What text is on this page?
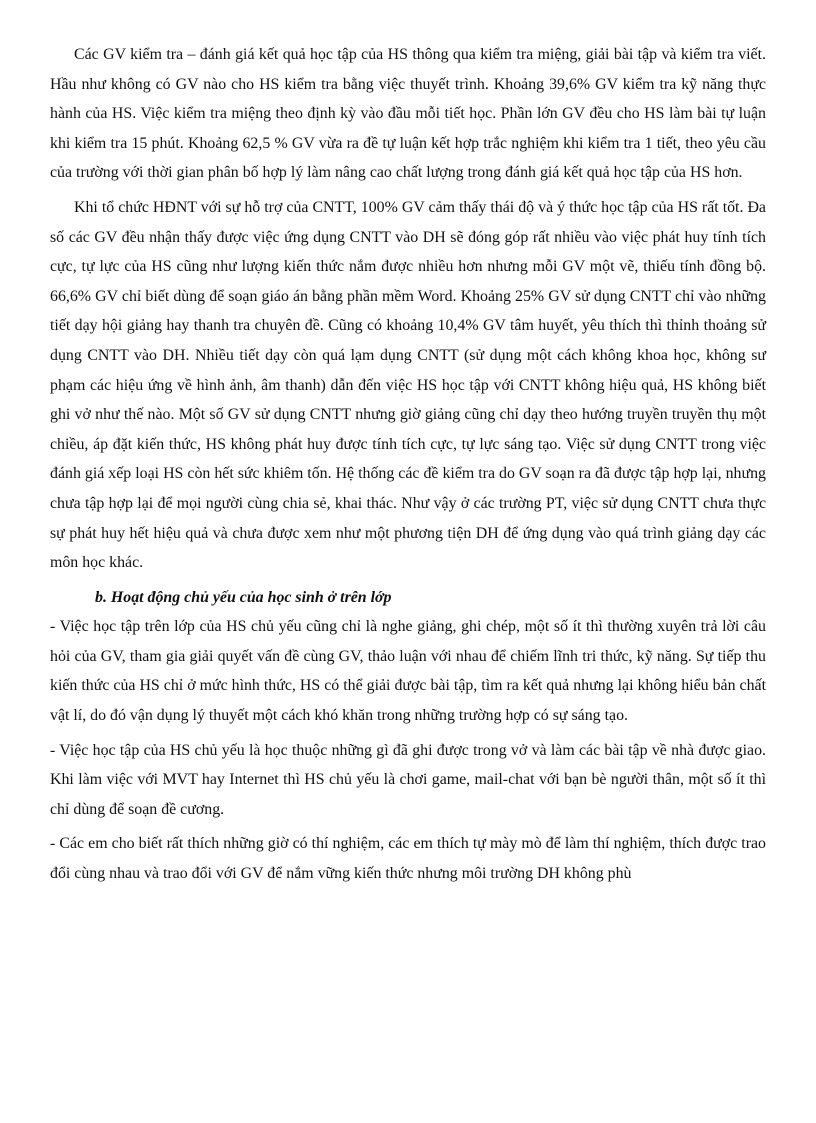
Các GV kiểm tra – đánh giá kết quả học tập của HS thông qua kiểm tra miệng, giải bài tập và kiểm tra viết. Hầu như không có GV nào cho HS kiểm tra bằng việc thuyết trình. Khoảng 39,6% GV kiểm tra kỹ năng thực hành của HS. Việc kiểm tra miệng theo định kỳ vào đầu mỗi tiết học. Phần lớn GV đều cho HS làm bài tự luận khi kiểm tra 15 phút. Khoảng 62,5 % GV vừa ra đề tự luận kết hợp trắc nghiệm khi kiểm tra 1 tiết, theo yêu cầu của trường với thời gian phân bố hợp lý làm nâng cao chất lượng trong đánh giá kết quả học tập của HS hơn.

Khi tổ chức HĐNT với sự hỗ trợ của CNTT, 100% GV cảm thấy thái độ và ý thức học tập của HS rất tốt. Đa số các GV đều nhận thấy được việc ứng dụng CNTT vào DH sẽ đóng góp rất nhiều vào việc phát huy tính tích cực, tự lực của HS cũng như lượng kiến thức nắm được nhiều hơn nhưng mỗi GV một vẽ, thiếu tính đồng bộ. 66,6% GV chỉ biết dùng để soạn giáo án bằng phần mềm Word. Khoảng 25% GV sử dụng CNTT chỉ vào những tiết dạy hội giảng hay thanh tra chuyên đề. Cũng có khoảng 10,4% GV tâm huyết, yêu thích thì thỉnh thoảng sử dụng CNTT vào DH. Nhiều tiết dạy còn quá lạm dụng CNTT (sử dụng một cách không khoa học, không sư phạm các hiệu ứng về hình ảnh, âm thanh) dẫn đến việc HS học tập với CNTT không hiệu quả, HS không biết ghi vở như thế nào. Một số GV sử dụng CNTT nhưng giờ giảng cũng chỉ dạy theo hướng truyền truyền thụ một chiều, áp đặt kiến thức, HS không phát huy được tính tích cực, tự lực sáng tạo. Việc sử dụng CNTT trong việc đánh giá xếp loại HS còn hết sức khiêm tốn. Hệ thống các đề kiểm tra do GV soạn ra đã được tập hợp lại, nhưng chưa tập hợp lại để mọi người cùng chia sẻ, khai thác. Như vậy ở các trường PT, việc sử dụng CNTT chưa thực sự phát huy hết hiệu quả và chưa được xem như một phương tiện DH để ứng dụng vào quá trình giảng dạy các môn học khác.

b. Hoạt động chủ yếu của học sinh ở trên lớp

- Việc học tập trên lớp của HS chủ yếu cũng chỉ là nghe giảng, ghi chép, một số ít thì thường xuyên trả lời câu hỏi của GV, tham gia giải quyết vấn đề cùng GV, thảo luận với nhau để chiếm lĩnh tri thức, kỹ năng. Sự tiếp thu kiến thức của HS chỉ ở mức hình thức, HS có thể giải được bài tập, tìm ra kết quả nhưng lại không hiểu bản chất vật lí, do đó vận dụng lý thuyết một cách khó khăn trong những trường hợp có sự sáng tạo.

- Việc học tập của HS chủ yếu là học thuộc những gì đã ghi được trong vở và làm các bài tập về nhà được giao. Khi làm việc với MVT hay Internet thì HS chủ yếu là chơi game, mail-chat với bạn bè người thân, một số ít thì chỉ dùng để soạn đề cương.

- Các em cho biết rất thích những giờ có thí nghiệm, các em thích tự mày mò để làm thí nghiệm, thích được trao đổi cùng nhau và trao đổi với GV để nắm vững kiến thức nhưng môi trường DH không phù
